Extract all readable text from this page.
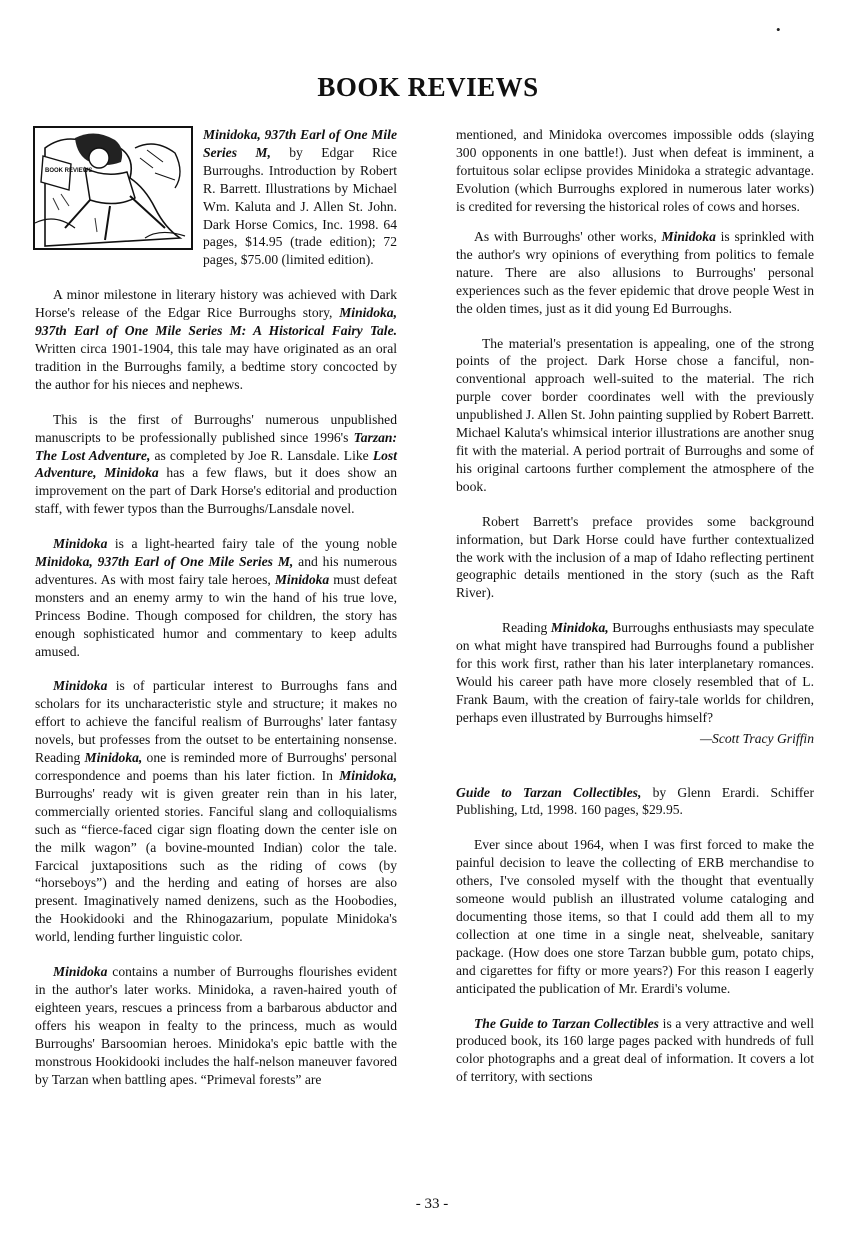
•
BOOK REVIEWS
BOOK REVIEWS

Minidoka, 937th Earl of One Mile Series M, by Edgar Rice Burroughs. Introduction by Robert R. Barrett. Illustrations by Michael Wm. Kaluta and J. Allen St. John. Dark Horse Comics, Inc. 1998. 64 pages, $14.95 (trade edition); 72 pages, $75.00 (limited edition).

A minor milestone in literary history was achieved with Dark Horse's release of the Edgar Rice Burroughs story, Minidoka, 937th Earl of One Mile Series M: A Historical Fairy Tale. Written circa 1901-1904, this tale may have originated as an oral tradition in the Burroughs family, a bedtime story concocted by the author for his nieces and nephews.

This is the first of Burroughs' numerous unpublished manuscripts to be professionally published since 1996's Tarzan: The Lost Adventure, as completed by Joe R. Lansdale. Like Lost Adventure, Minidoka has a few flaws, but it does show an improvement on the part of Dark Horse's editorial and production staff, with fewer typos than the Burroughs/Lansdale novel.

Minidoka is a light-hearted fairy tale of the young noble Minidoka, 937th Earl of One Mile Series M, and his numerous adventures. As with most fairy tale heroes, Minidoka must defeat monsters and an enemy army to win the hand of his true love, Princess Bodine. Though composed for children, the story has enough sophisticated humor and commentary to keep adults amused.

Minidoka is of particular interest to Burroughs fans and scholars for its uncharacteristic style and structure; it makes no effort to achieve the fanciful realism of Burroughs' later fantasy novels, but professes from the outset to be entertaining nonsense. Reading Minidoka, one is reminded more of Burroughs' personal correspondence and poems than his later fiction. In Minidoka, Burroughs' ready wit is given greater rein than in his later, commercially oriented stories. Fanciful slang and colloquialisms such as “fierce-faced cigar sign floating down the center isle on the milk wagon” (a bovine-mounted Indian) color the tale. Farcical juxtapositions such as the riding of cows (by “horseboys”) and the herding and eating of horses are also present. Imaginatively named denizens, such as the Hoobodies, the Hookidooki and the Rhinogazarium, populate Minidoka's world, lending further linguistic color.

Minidoka contains a number of Burroughs flourishes evident in the author's later works. Minidoka, a raven-haired youth of eighteen years, rescues a princess from a barbarous abductor and offers his weapon in fealty to the princess, much as would Burroughs' Barsoomian heroes. Minidoka's epic battle with the monstrous Hookidooki includes the half-nelson maneuver favored by Tarzan when battling apes. “Primeval forests” are

mentioned, and Minidoka overcomes impossible odds (slaying 300 opponents in one battle!). Just when defeat is imminent, a fortuitous solar eclipse provides Minidoka a strategic advantage. Evolution (which Burroughs explored in numerous later works) is credited for reversing the historical roles of cows and horses.

As with Burroughs' other works, Minidoka is sprinkled with the author's wry opinions of everything from politics to female nature. There are also allusions to Burroughs' personal experiences such as the fever epidemic that drove people West in the olden times, just as it did young Ed Burroughs.

The material's presentation is appealing, one of the strong points of the project. Dark Horse chose a fanciful, non-conventional approach well-suited to the material. The rich purple cover border coordinates well with the previously unpublished J. Allen St. John painting supplied by Robert Barrett. Michael Kaluta's whimsical interior illustrations are another snug fit with the material. A period portrait of Burroughs and some of his original cartoons further complement the atmosphere of the book.

Robert Barrett's preface provides some background information, but Dark Horse could have further contextualized the work with the inclusion of a map of Idaho reflecting pertinent geographic details mentioned in the story (such as the Raft River).

Reading Minidoka, Burroughs enthusiasts may speculate on what might have transpired had Burroughs found a publisher for this work first, rather than his later interplanetary romances. Would his career path have more closely resembled that of L. Frank Baum, with the creation of fairy-tale worlds for children, perhaps even illustrated by Burroughs himself?

—Scott Tracy Griffin

Guide to Tarzan Collectibles, by Glenn Erardi. Schiffer Publishing, Ltd, 1998. 160 pages, $29.95.

Ever since about 1964, when I was first forced to make the painful decision to leave the collecting of ERB merchandise to others, I've consoled myself with the thought that eventually someone would publish an illustrated volume cataloging and documenting those items, so that I could add them all to my collection at one time in a single neat, shelveable, sanitary package. (How does one store Tarzan bubble gum, potato chips, and cigarettes for fifty or more years?) For this reason I eagerly anticipated the publication of Mr. Erardi's volume.

The Guide to Tarzan Collectibles is a very attractive and well produced book, its 160 large pages packed with hundreds of full color photographs and a great deal of information. It covers a lot of territory, with sections

- 33 -
